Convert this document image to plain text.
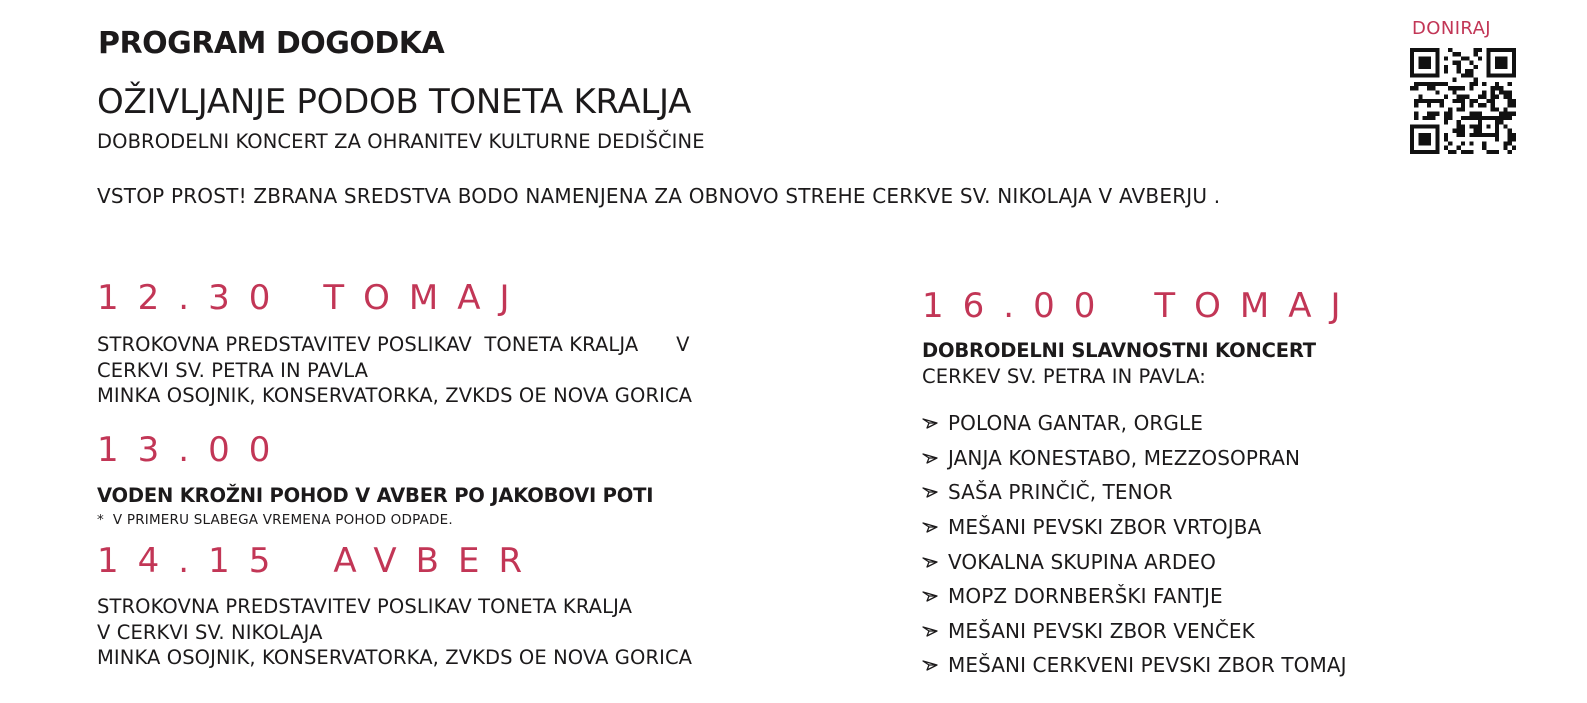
PROGRAM DOGODKA
OŽIVLJANJE PODOB TONETA KRALJA
DOBRODELNI KONCERT ZA OHRANITEV KULTURNE DEDIŠČINE
VSTOP PROST! ZBRANA SREDSTVA BODO NAMENJENA ZA OBNOVO STREHE CERKVE SV. NIKOLAJA V AVBERJU .
DONIRAJ
12.30 TOMAJ
STROKOVNA PREDSTAVITEV POSLIKAV  TONETA KRALJA      V
CERKVI SV. PETRA IN PAVLA
MINKA OSOJNIK, KONSERVATORKA, ZVKDS OE NOVA GORICA
13.00
VODEN KROŽNI POHOD V AVBER PO JAKOBOVI POTI
*  V PRIMERU SLABEGA VREMENA POHOD ODPADE.
14.15 AVBER
STROKOVNA PREDSTAVITEV POSLIKAV TONETA KRALJA
V CERKVI SV. NIKOLAJA
MINKA OSOJNIK, KONSERVATORKA, ZVKDS OE NOVA GORICA
16.00 TOMAJ
DOBRODELNI SLAVNOSTNI KONCERT
CERKEV SV. PETRA IN PAVLA:
POLONA GANTAR, ORGLE
JANJA KONESTABO, MEZZOSOPRAN
SAŠA PRINČIČ, TENOR
MEŠANI PEVSKI ZBOR VRTOJBA
VOKALNA SKUPINA ARDEO
MOPZ DORNBERŠKI FANTJE
MEŠANI PEVSKI ZBOR VENČEK
MEŠANI CERKVENI PEVSKI ZBOR TOMAJ
